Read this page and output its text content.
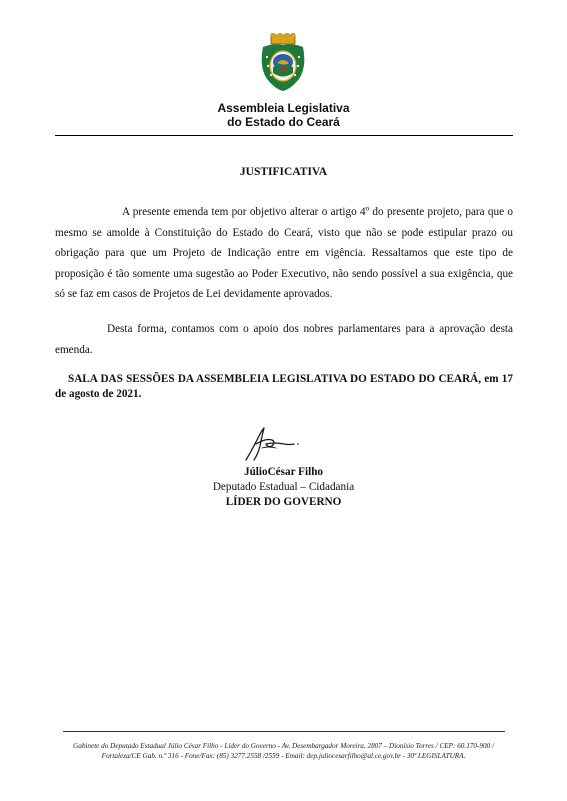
Assembleia Legislativa
do Estado do Ceará
JUSTIFICATIVA

A presente emenda tem por objetivo alterar o artigo 4º do presente projeto, para que o mesmo se amolde à Constituição do Estado do Ceará, visto que não se pode estipular prazo ou obrigação para que um Projeto de Indicação entre em vigência. Ressaltamos que este tipo de proposição é tão somente uma sugestão ao Poder Executivo, não sendo possível a sua exigência, que só se faz em casos de Projetos de Lei devidamente aprovados.

Desta forma, contamos com o apoio dos nobres parlamentares para a aprovação desta emenda.

SALA DAS SESSÕES DA ASSEMBLEIA LEGISLATIVA DO ESTADO DO CEARÁ, em 17 de agosto de 2021.

JúlioCésar Filho
Deputado Estadual – Cidadania
LÍDER DO GOVERNO
Gabinete do Deputado Estadual Júlio César Filho - Líder do Governo - Av. Desembargador Moreira, 2807 – Dionísio Torres / CEP: 60.170-900 /
Fortaleza/CE Gab. n.º 316 - Fone/Fax: (85) 3277.2558 /2559 - Email: dep.juliocesarfilho@al.ce.gov.br - 30ª LEGISLATURA.
